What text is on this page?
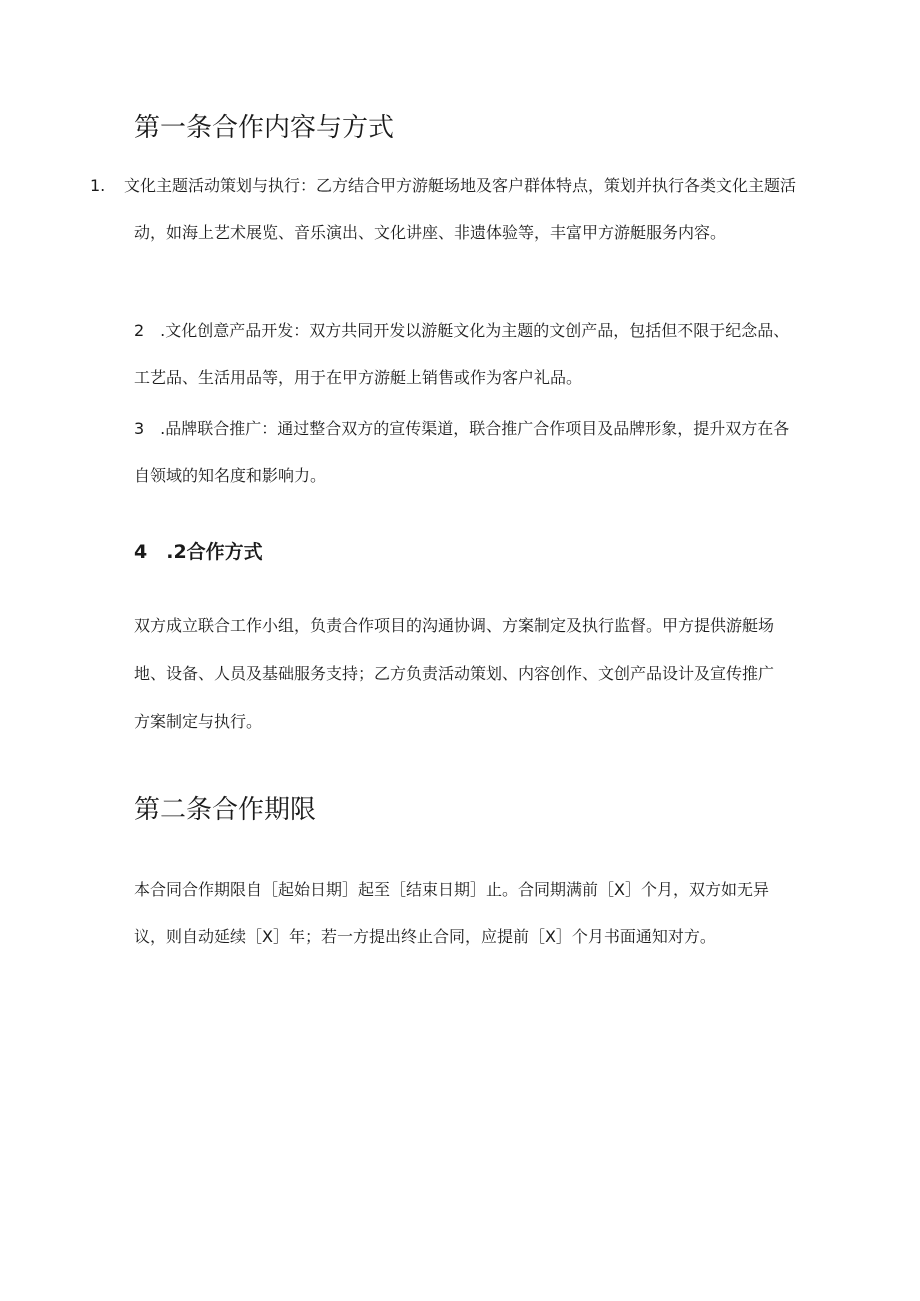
第一条合作内容与方式

1. 文化主题活动策划与执行：乙方结合甲方游艇场地及客户群体特点，策划并执行各类文化主题活动，如海上艺术展览、音乐演出、文化讲座、非遗体验等，丰富甲方游艇服务内容。

2 .文化创意产品开发：双方共同开发以游艇文化为主题的文创产品，包括但不限于纪念品、工艺品、生活用品等，用于在甲方游艇上销售或作为客户礼品。

3 .品牌联合推广：通过整合双方的宣传渠道，联合推广合作项目及品牌形象，提升双方在各自领域的知名度和影响力。

4 .2合作方式

双方成立联合工作小组，负责合作项目的沟通协调、方案制定及执行监督。甲方提供游艇场地、设备、人员及基础服务支持；乙方负责活动策划、内容创作、文创产品设计及宣传推广方案制定与执行。

第二条合作期限

本合同合作期限自［起始日期］起至［结束日期］止。合同期满前［X］个月，双方如无异议，则自动延续［X］年；若一方提出终止合同，应提前［X］个月书面通知对方。
